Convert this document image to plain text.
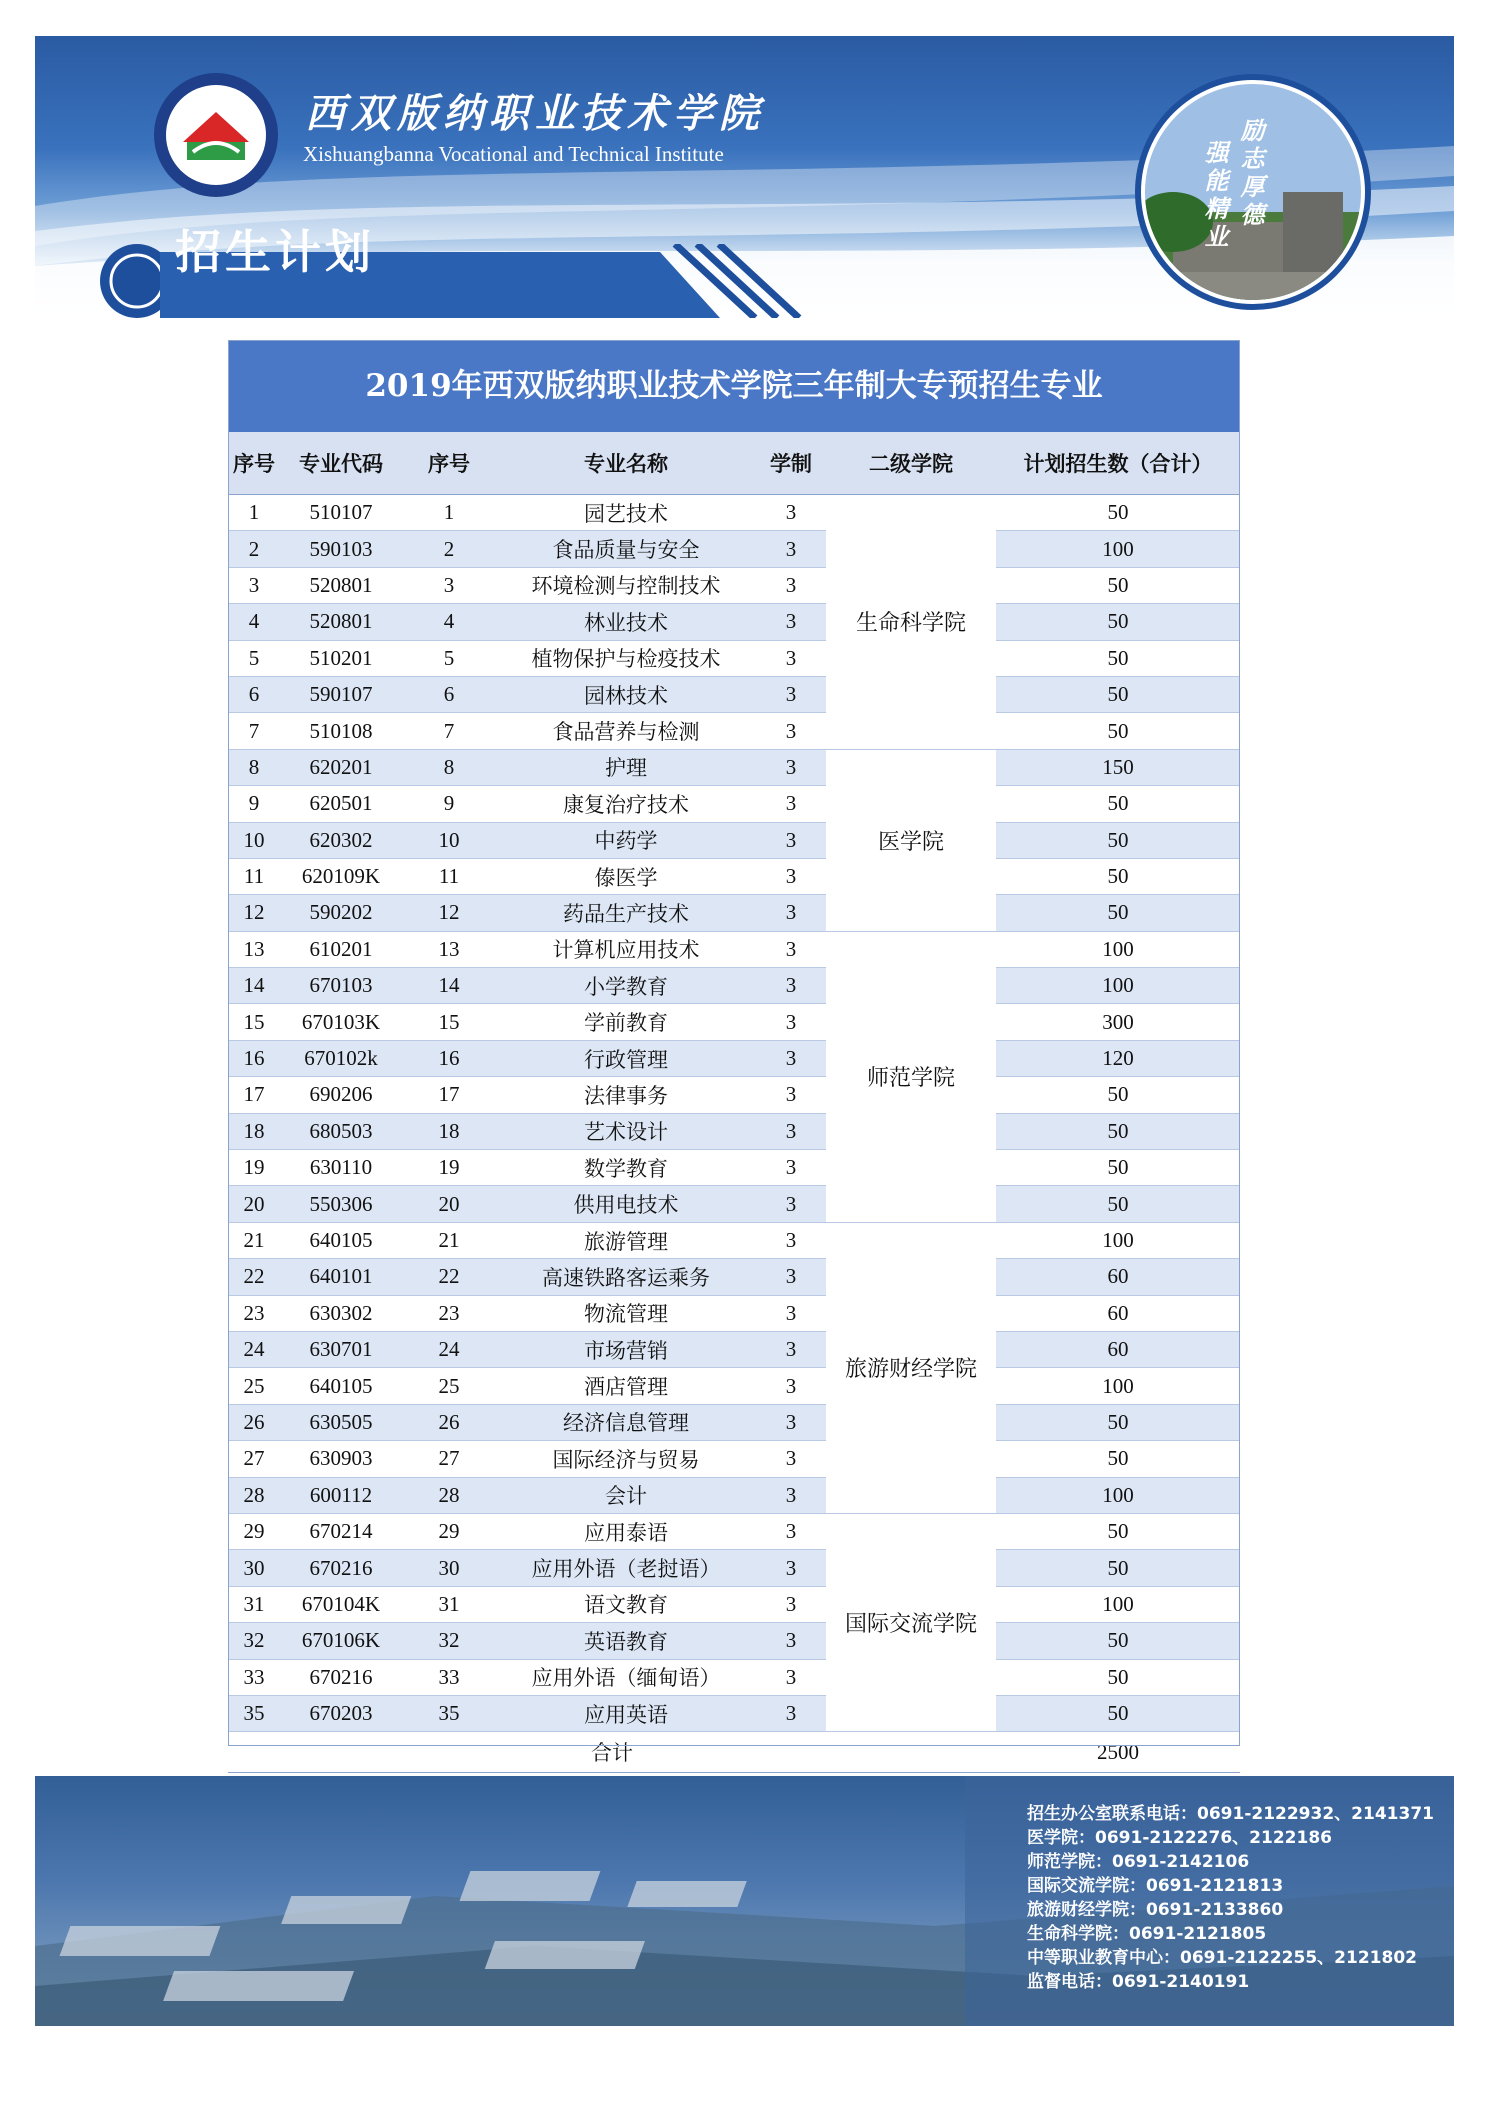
西双版纳职业技术学院
Xishuangbanna Vocational and Technical Institute
招生计划
励志厚德
强能精业
2019年西双版纳职业技术学院三年制大专预招生专业
序号	专业代码	序号	专业名称	学制	二级学院	计划招生数（合计）
1	510107	1	园艺技术	3	生命科学院	50
2	590103	2	食品质量与安全	3		100
3	520801	3	环境检测与控制技术	3		50
4	520801	4	林业技术	3		50
5	510201	5	植物保护与检疫技术	3		50
6	590107	6	园林技术	3		50
7	510108	7	食品营养与检测	3		50
8	620201	8	护理	3	医学院	150
9	620501	9	康复治疗技术	3		50
10	620302	10	中药学	3		50
11	620109K	11	傣医学	3		50
12	590202	12	药品生产技术	3		50
13	610201	13	计算机应用技术	3	师范学院	100
14	670103	14	小学教育	3		100
15	670103K	15	学前教育	3		300
16	670102k	16	行政管理	3		120
17	690206	17	法律事务	3		50
18	680503	18	艺术设计	3		50
19	630110	19	数学教育	3		50
20	550306	20	供用电技术	3		50
21	640105	21	旅游管理	3	旅游财经学院	100
22	640101	22	高速铁路客运乘务	3		60
23	630302	23	物流管理	3		60
24	630701	24	市场营销	3		60
25	640105	25	酒店管理	3		100
26	630505	26	经济信息管理	3		50
27	630903	27	国际经济与贸易	3		50
28	600112	28	会计	3		100
29	670214	29	应用泰语	3	国际交流学院	50
30	670216	30	应用外语（老挝语）	3		50
31	670104K	31	语文教育	3		100
32	670106K	32	英语教育	3		50
33	670216	33	应用外语（缅甸语）	3		50
35	670203	35	应用英语	3		50
合计						2500
招生办公室联系电话：0691-2122932、2141371
医学院：0691-2122276、2122186
师范学院：0691-2142106
国际交流学院：0691-2121813
旅游财经学院：0691-2133860
生命科学院：0691-2121805
中等职业教育中心：0691-2122255、2121802
监督电话：0691-2140191
